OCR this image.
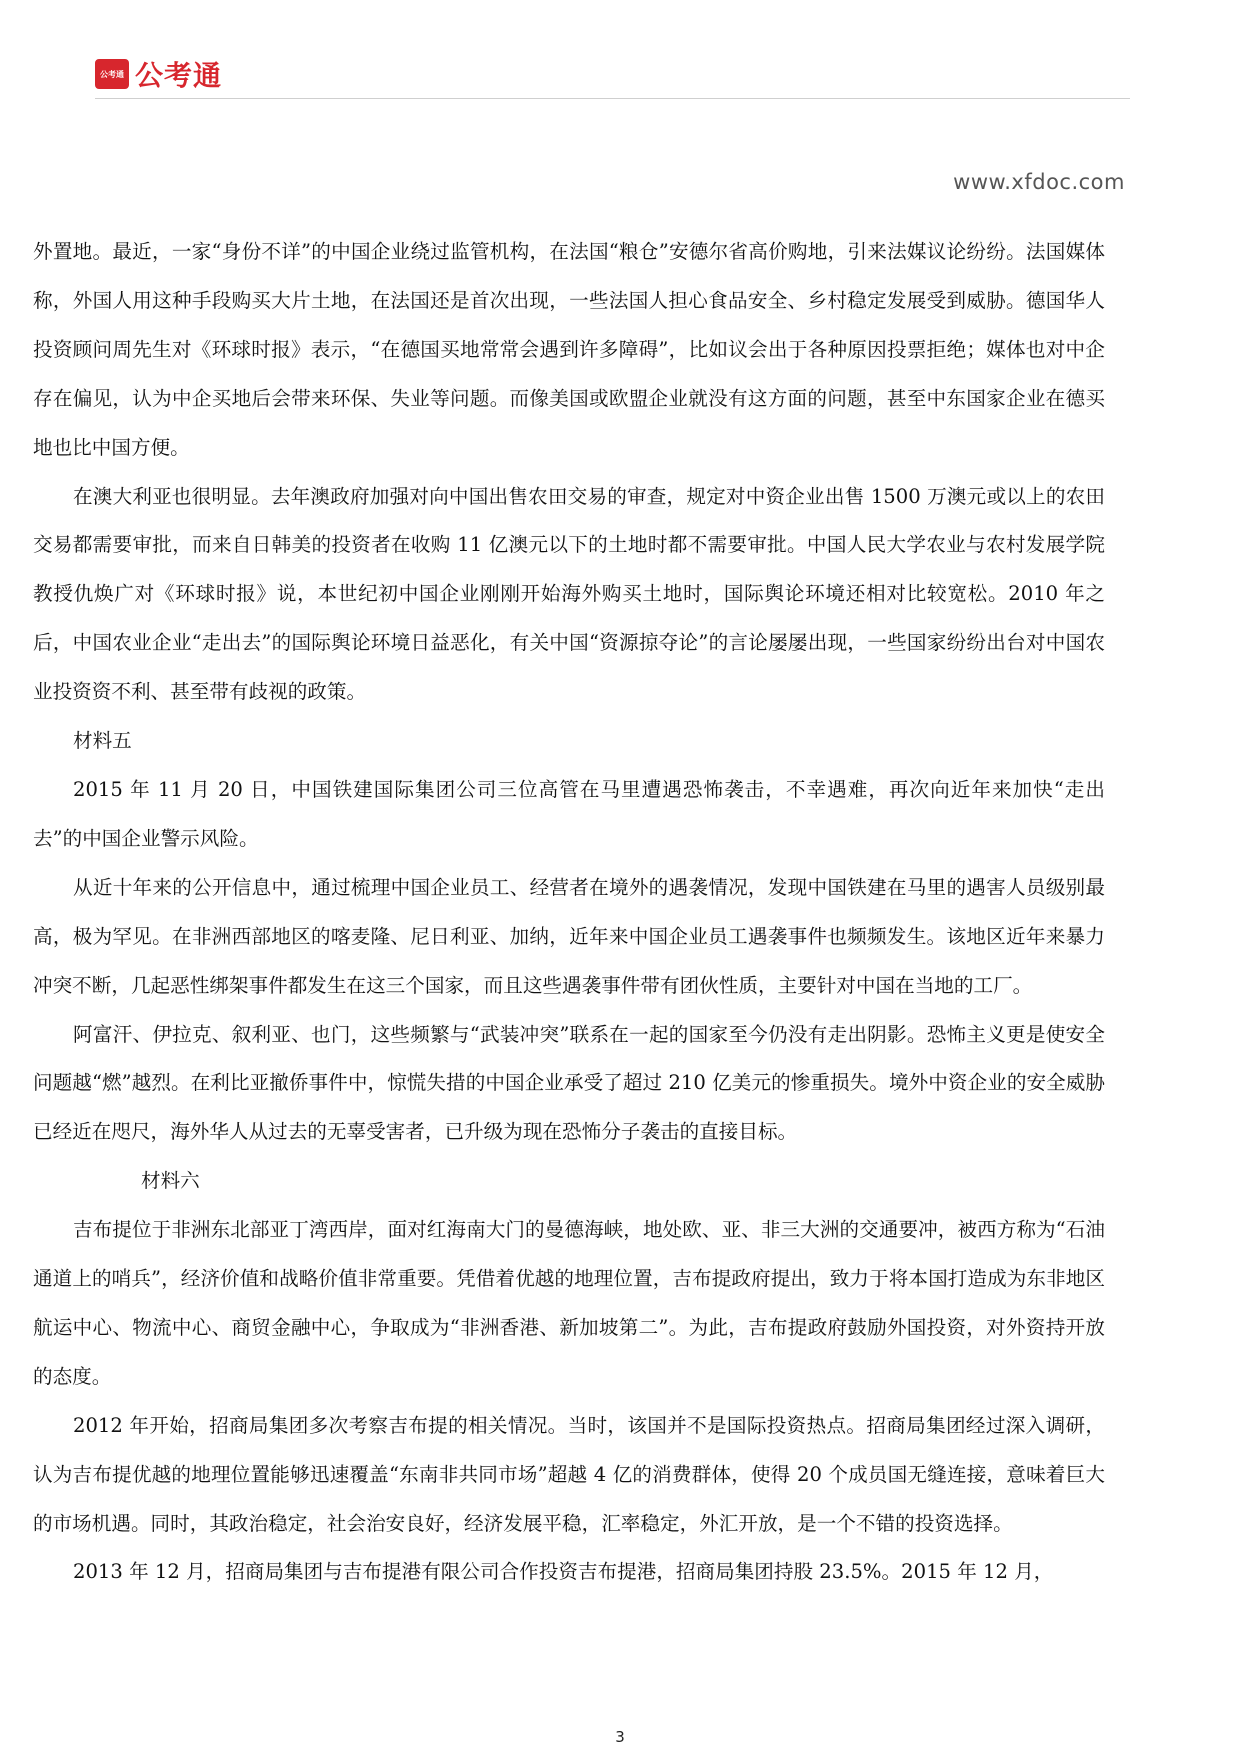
公考通 公考通
www.xfdoc.com

外置地。最近，一家“身份不详”的中国企业绕过监管机构，在法国“粮仓”安德尔省高价购地，引来法媒议论纷纷。法国媒体称，外国人用这种手段购买大片土地，在法国还是首次出现，一些法国人担心食品安全、乡村稳定发展受到威胁。德国华人投资顾问周先生对《环球时报》表示，“在德国买地常常会遇到许多障碍”，比如议会出于各种原因投票拒绝；媒体也对中企存在偏见，认为中企买地后会带来环保、失业等问题。而像美国或欧盟企业就没有这方面的问题，甚至中东国家企业在德买地也比中国方便。

在澳大利亚也很明显。去年澳政府加强对向中国出售农田交易的审查，规定对中资企业出售 1500 万澳元或以上的农田交易都需要审批，而来自日韩美的投资者在收购 11 亿澳元以下的土地时都不需要审批。中国人民大学农业与农村发展学院教授仇焕广对《环球时报》说，本世纪初中国企业刚刚开始海外购买土地时，国际舆论环境还相对比较宽松。2010 年之后，中国农业企业“走出去”的国际舆论环境日益恶化，有关中国“资源掠夺论”的言论屡屡出现，一些国家纷纷出台对中国农业投资资不利、甚至带有歧视的政策。

材料五

2015 年 11 月 20 日，中国铁建国际集团公司三位高管在马里遭遇恐怖袭击，不幸遇难，再次向近年来加快“走出去”的中国企业警示风险。

从近十年来的公开信息中，通过梳理中国企业员工、经营者在境外的遇袭情况，发现中国铁建在马里的遇害人员级别最高，极为罕见。在非洲西部地区的喀麦隆、尼日利亚、加纳，近年来中国企业员工遇袭事件也频频发生。该地区近年来暴力冲突不断，几起恶性绑架事件都发生在这三个国家，而且这些遇袭事件带有团伙性质，主要针对中国在当地的工厂。

阿富汗、伊拉克、叙利亚、也门，这些频繁与“武装冲突”联系在一起的国家至今仍没有走出阴影。恐怖主义更是使安全问题越“燃”越烈。在利比亚撤侨事件中，惊慌失措的中国企业承受了超过 210 亿美元的惨重损失。境外中资企业的安全威胁已经近在咫尺，海外华人从过去的无辜受害者，已升级为现在恐怖分子袭击的直接目标。

材料六

吉布提位于非洲东北部亚丁湾西岸，面对红海南大门的曼德海峡，地处欧、亚、非三大洲的交通要冲，被西方称为“石油通道上的哨兵”，经济价值和战略价值非常重要。凭借着优越的地理位置，吉布提政府提出，致力于将本国打造成为东非地区航运中心、物流中心、商贸金融中心，争取成为“非洲香港、新加坡第二”。为此，吉布提政府鼓励外国投资，对外资持开放的态度。

2012 年开始，招商局集团多次考察吉布提的相关情况。当时，该国并不是国际投资热点。招商局集团经过深入调研，认为吉布提优越的地理位置能够迅速覆盖“东南非共同市场”超越 4 亿的消费群体，使得 20 个成员国无缝连接，意味着巨大的市场机遇。同时，其政治稳定，社会治安良好，经济发展平稳，汇率稳定，外汇开放，是一个不错的投资选择。

2013 年 12 月，招商局集团与吉布提港有限公司合作投资吉布提港，招商局集团持股 23.5%。2015 年 12 月，

3
